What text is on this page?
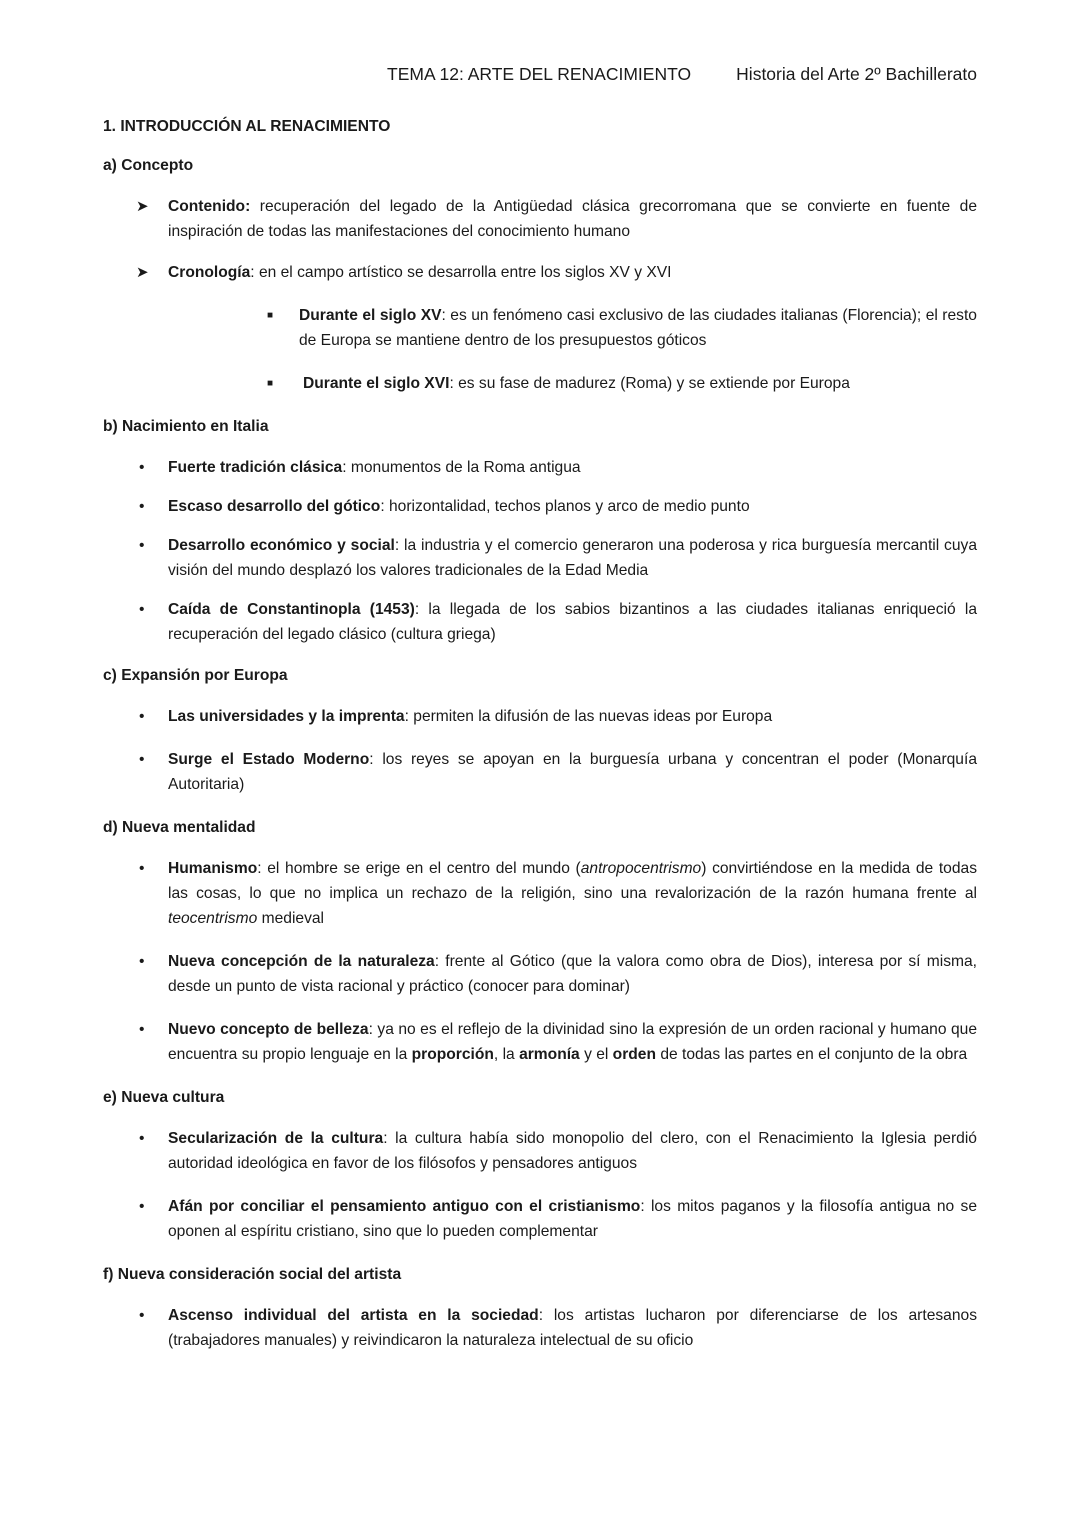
TEMA 12: ARTE DEL RENACIMIENTO	Historia del Arte 2º Bachillerato
1. INTRODUCCIÓN AL RENACIMIENTO
a) Concepto
➤	Contenido: recuperación del legado de la Antigüedad clásica grecorromana que se convierte en fuente de inspiración de todas las manifestaciones del conocimiento humano
➤	Cronología: en el campo artístico se desarrolla entre los siglos XV y XVI
■ Durante el siglo XV: es un fenómeno casi exclusivo de las ciudades italianas (Florencia); el resto de Europa se mantiene dentro de los presupuestos góticos
■ Durante el siglo XVI: es su fase de madurez (Roma) y se extiende por Europa
b) Nacimiento en Italia
•	Fuerte tradición clásica: monumentos de la Roma antigua
•	Escaso desarrollo del gótico: horizontalidad, techos planos y arco de medio punto
•	Desarrollo económico y social: la industria y el comercio generaron una poderosa y rica burguesía mercantil cuya visión del mundo desplazó los valores tradicionales de la Edad Media
•	Caída de Constantinopla (1453): la llegada de los sabios bizantinos a las ciudades italianas enriqueció la recuperación del legado clásico (cultura griega)
c) Expansión por Europa
•	Las universidades y la imprenta: permiten la difusión de las nuevas ideas por Europa
•	Surge el Estado Moderno: los reyes se apoyan en la burguesía urbana y concentran el poder (Monarquía Autoritaria)
d) Nueva mentalidad
•	Humanismo: el hombre se erige en el centro del mundo (antropocentrismo) convirtiéndose en la medida de todas las cosas, lo que no implica un rechazo de la religión, sino una revalorización de la razón humana frente al teocentrismo medieval
•	Nueva concepción de la naturaleza: frente al Gótico (que la valora como obra de Dios), interesa por sí misma, desde un punto de vista racional y práctico (conocer para dominar)
•	Nuevo concepto de belleza: ya no es el reflejo de la divinidad sino la expresión de un orden racional y humano que encuentra su propio lenguaje en la proporción, la armonía y el orden de todas las partes en el conjunto de la obra
e) Nueva cultura
•	Secularización de la cultura: la cultura había sido monopolio del clero, con el Renacimiento la Iglesia perdió autoridad ideológica en favor de los filósofos y pensadores antiguos
•	Afán por conciliar el pensamiento antiguo con el cristianismo: los mitos paganos y la filosofía antigua no se oponen al espíritu cristiano, sino que lo pueden complementar
f) Nueva consideración social del artista
•	Ascenso individual del artista en la sociedad: los artistas lucharon por diferenciarse de los artesanos (trabajadores manuales) y reivindicaron la naturaleza intelectual de su oficio
